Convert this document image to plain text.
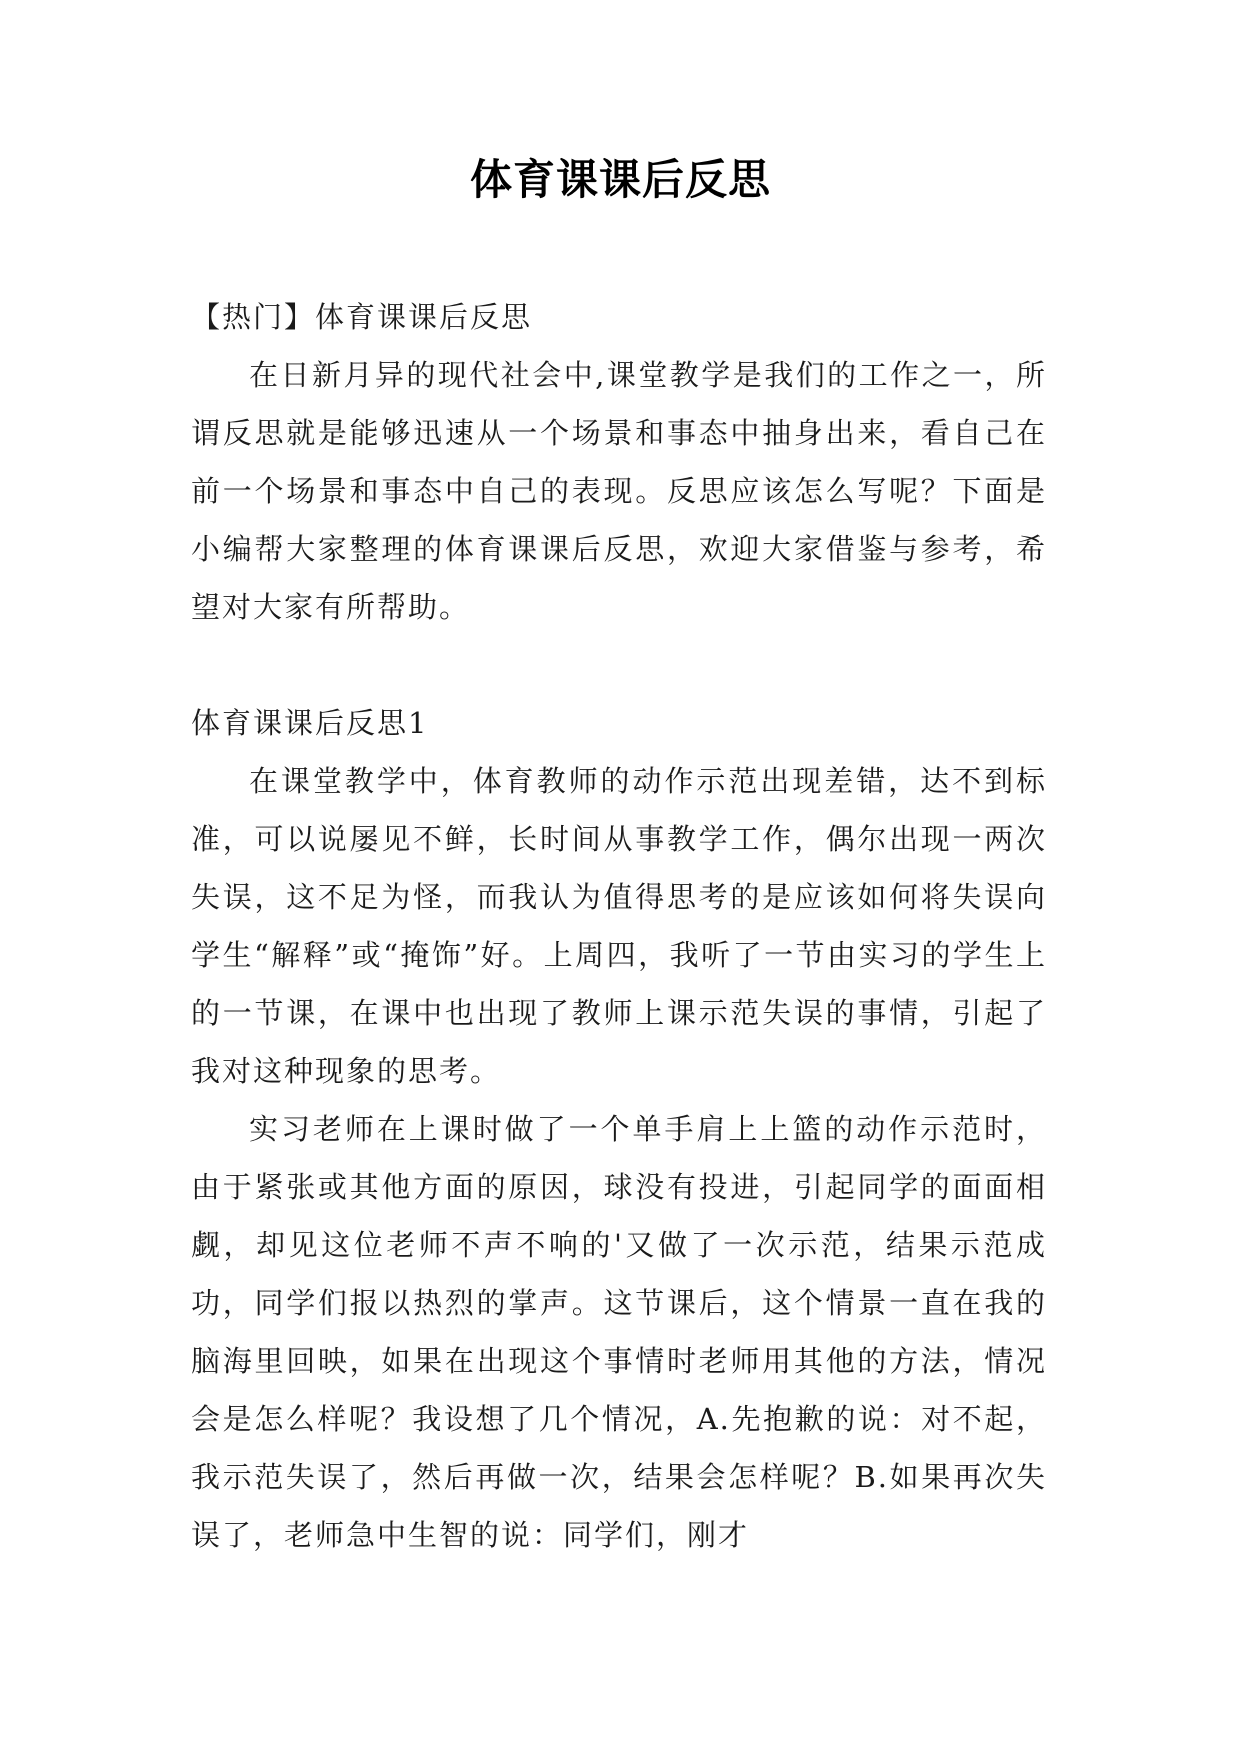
体育课课后反思

【热门】体育课课后反思

在日新月异的现代社会中,课堂教学是我们的工作之一，所谓反思就是能够迅速从一个场景和事态中抽身出来，看自己在前一个场景和事态中自己的表现。反思应该怎么写呢？下面是小编帮大家整理的体育课课后反思，欢迎大家借鉴与参考，希望对大家有所帮助。

体育课课后反思1

在课堂教学中，体育教师的动作示范出现差错，达不到标准，可以说屡见不鲜，长时间从事教学工作，偶尔出现一两次失误，这不足为怪，而我认为值得思考的是应该如何将失误向学生“解释”或“掩饰”好。上周四，我听了一节由实习的学生上的一节课，在课中也出现了教师上课示范失误的事情，引起了我对这种现象的思考。

实习老师在上课时做了一个单手肩上上篮的动作示范时，由于紧张或其他方面的原因，球没有投进，引起同学的面面相觑，却见这位老师不声不响的'又做了一次示范，结果示范成功，同学们报以热烈的掌声。这节课后，这个情景一直在我的脑海里回映，如果在出现这个事情时老师用其他的方法，情况会是怎么样呢？我设想了几个情况，A.先抱歉的说：对不起，我示范失误了，然后再做一次，结果会怎样呢？B.如果再次失误了，老师急中生智的说：同学们，刚才
